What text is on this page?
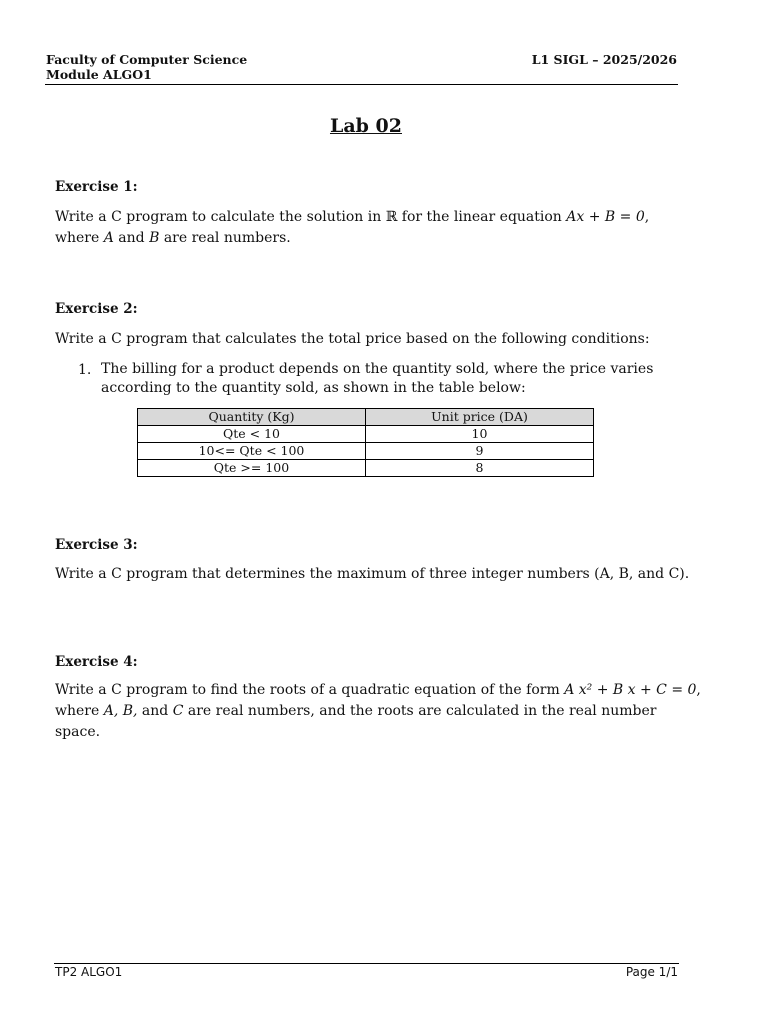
Faculty of Computer Science
Module ALGO1
L1 SIGL – 2025/2026
Lab 02
Exercise 1:
Write a C program to calculate the solution in ℝ for the linear equation Ax + B = 0,
where A and B are real numbers.
Exercise 2:
Write a C program that calculates the total price based on the following conditions:
1. The billing for a product depends on the quantity sold, where the price varies according to the quantity sold, as shown in the table below:
Quantity (Kg)	Unit price (DA)
Qte < 10	10
10<= Qte < 100	9
Qte >= 100	8
Exercise 3:
Write a C program that determines the maximum of three integer numbers (A, B, and C).
Exercise 4:
Write a C program to find the roots of a quadratic equation of the form A x² + B x + C = 0,
where A, B, and C are real numbers, and the roots are calculated in the real number space.
TP2 ALGO1	Page 1/1
